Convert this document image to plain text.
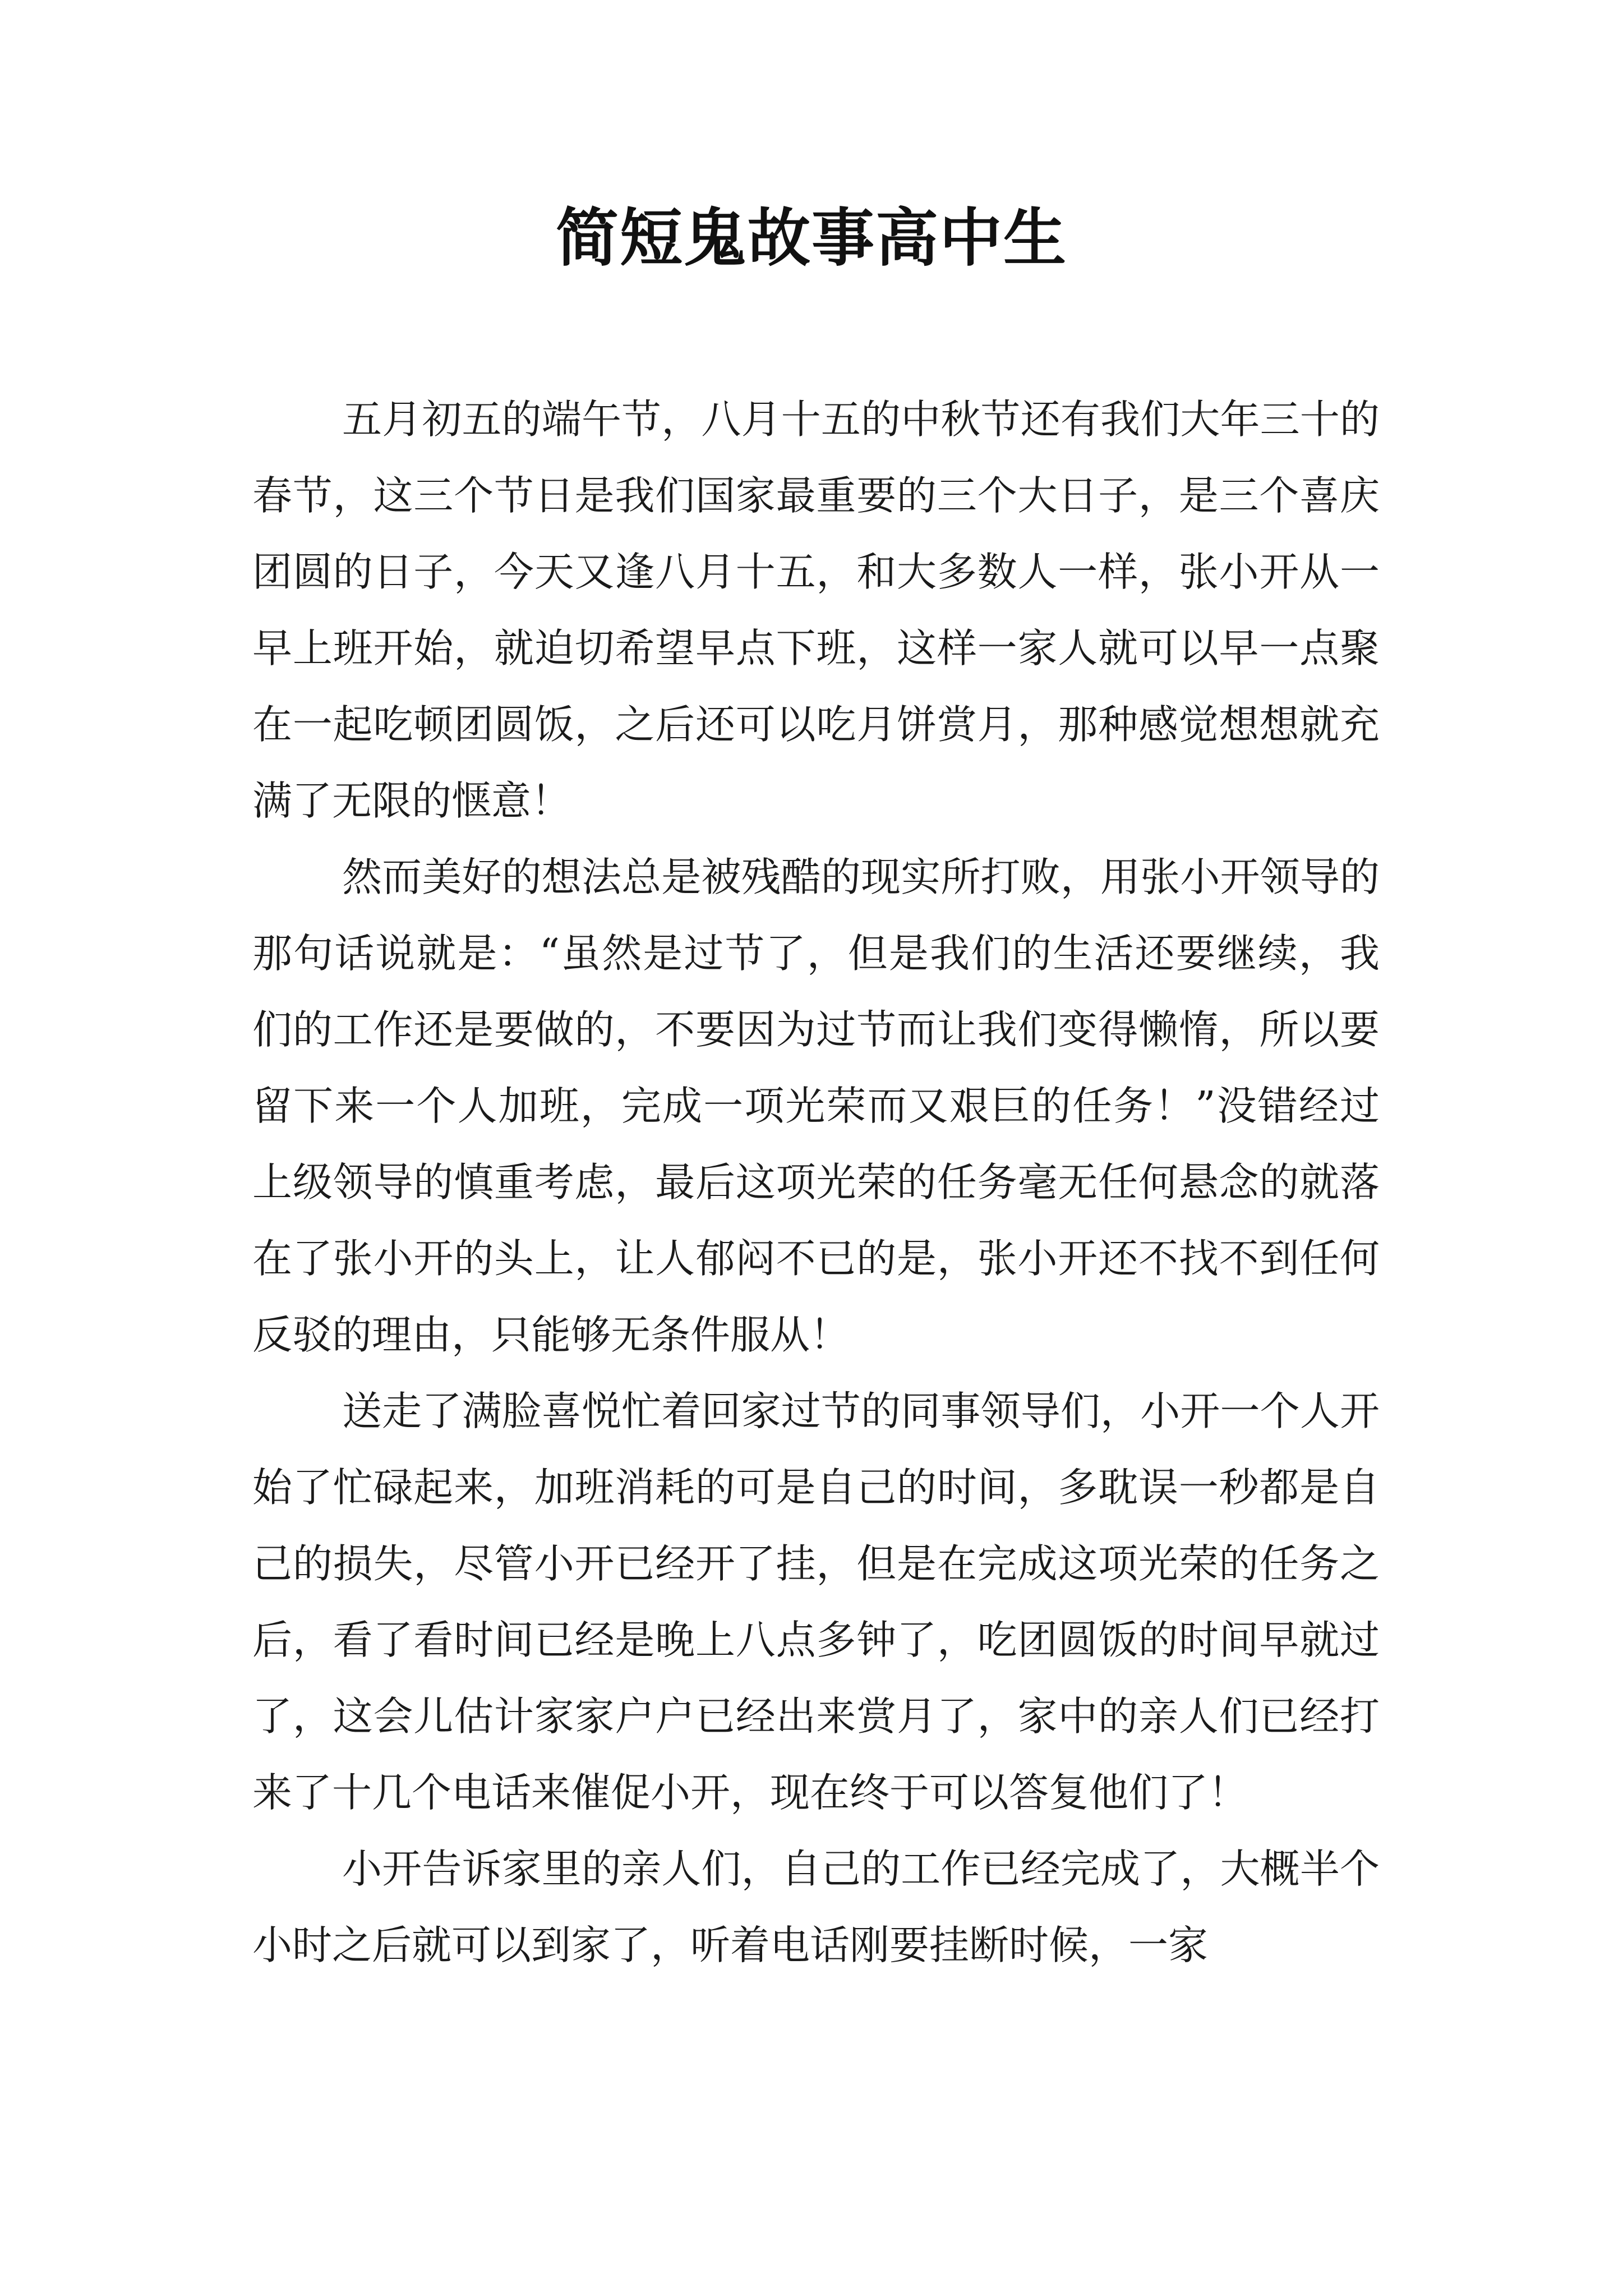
简短鬼故事高中生

五月初五的端午节，八月十五的中秋节还有我们大年三十的春节，这三个节日是我们国家最重要的三个大日子，是三个喜庆团圆的日子，今天又逢八月十五，和大多数人一样，张小开从一早上班开始，就迫切希望早点下班，这样一家人就可以早一点聚在一起吃顿团圆饭，之后还可以吃月饼赏月，那种感觉想想就充满了无限的惬意！

然而美好的想法总是被残酷的现实所打败，用张小开领导的那句话说就是：“虽然是过节了，但是我们的生活还要继续，我们的工作还是要做的，不要因为过节而让我们变得懒惰，所以要留下来一个人加班，完成一项光荣而又艰巨的任务！”没错经过上级领导的慎重考虑，最后这项光荣的任务毫无任何悬念的就落在了张小开的头上，让人郁闷不已的是，张小开还不找不到任何反驳的理由，只能够无条件服从！

送走了满脸喜悦忙着回家过节的同事领导们，小开一个人开始了忙碌起来，加班消耗的可是自己的时间，多耽误一秒都是自己的损失，尽管小开已经开了挂，但是在完成这项光荣的任务之后，看了看时间已经是晚上八点多钟了，吃团圆饭的时间早就过了，这会儿估计家家户户已经出来赏月了，家中的亲人们已经打来了十几个电话来催促小开，现在终于可以答复他们了！

小开告诉家里的亲人们，自己的工作已经完成了，大概半个小时之后就可以到家了，听着电话刚要挂断时候，一家
